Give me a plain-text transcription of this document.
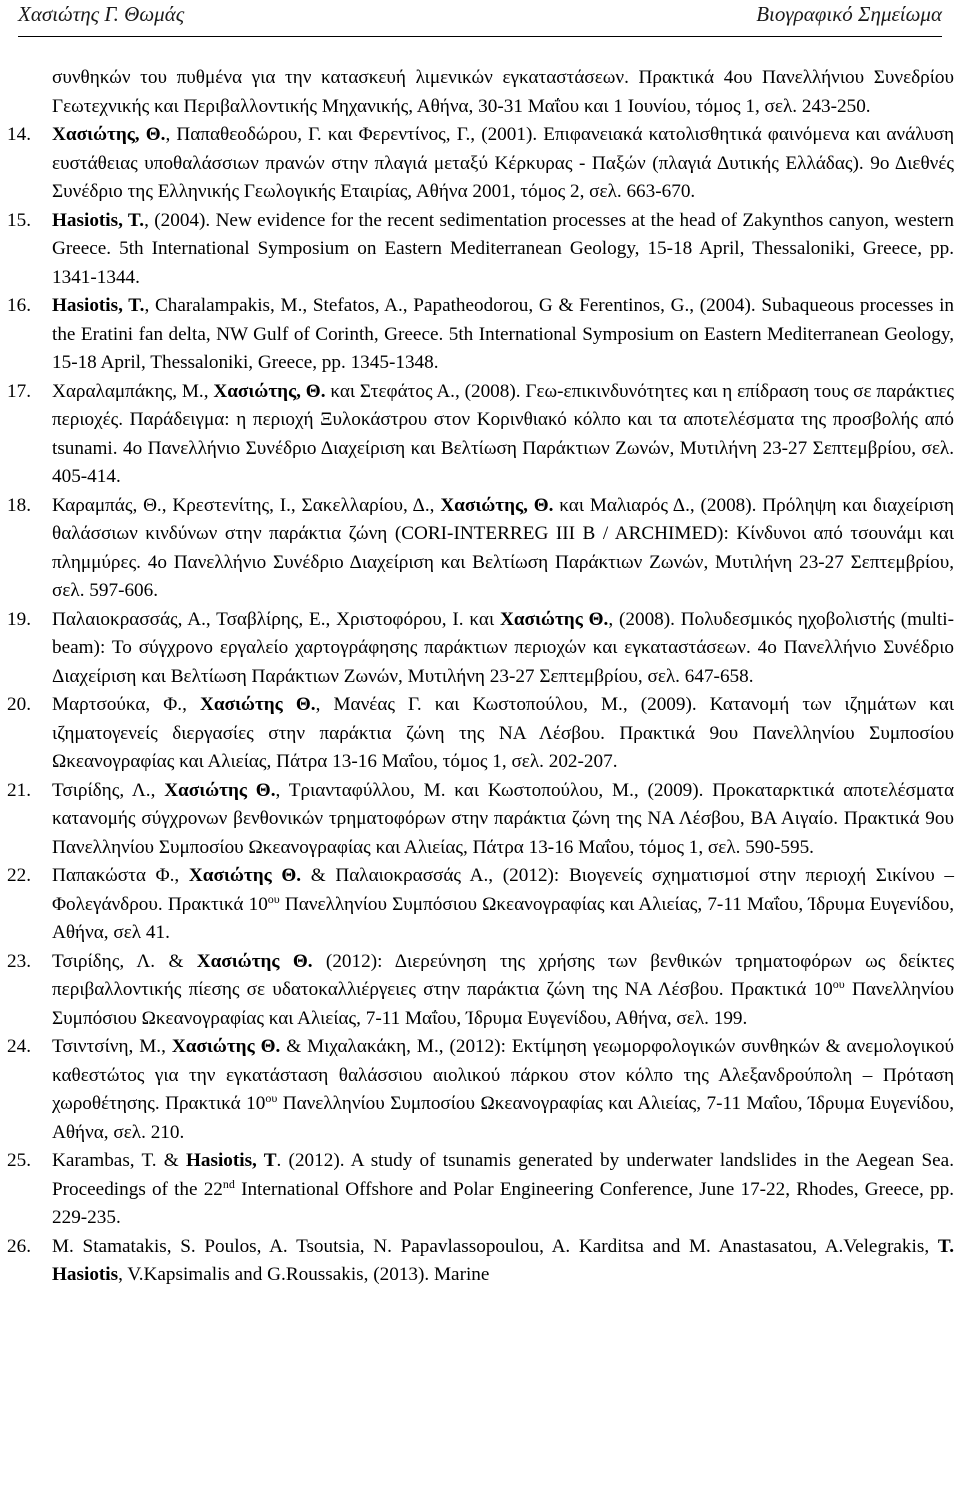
Χασιώτης Γ. Θωμάς	Βιογραφικό Σημείωμα
συνθηκών του πυθμένα για την κατασκευή λιμενικών εγκαταστάσεων. Πρακτικά 4ου Πανελλήνιου Συνεδρίου Γεωτεχνικής και Περιβαλλοντικής Μηχανικής, Αθήνα, 30-31 Μαΐου και 1 Ιουνίου, τόμος 1, σελ. 243-250.
14. Χασιώτης, Θ., Παπαθεοδώρου, Γ. και Φερεντίνος, Γ., (2001). Επιφανειακά κατολισθητικά φαινόμενα και ανάλυση ευστάθειας υποθαλάσσιων πρανών στην πλαγιά μεταξύ Κέρκυρας - Παξών (πλαγιά Δυτικής Ελλάδας). 9ο Διεθνές Συνέδριο της Ελληνικής Γεωλογικής Εταιρίας, Αθήνα 2001, τόμος 2, σελ. 663-670.
15. Hasiotis, T., (2004). New evidence for the recent sedimentation processes at the head of Zakynthos canyon, western Greece. 5th International Symposium on Eastern Mediterranean Geology, 15-18 April, Thessaloniki, Greece, pp. 1341-1344.
16. Hasiotis, T., Charalampakis, M., Stefatos, A., Papatheodorou, G & Ferentinos, G., (2004). Subaqueous processes in the Eratini fan delta, NW Gulf of Corinth, Greece. 5th International Symposium on Eastern Mediterranean Geology, 15-18 April, Thessaloniki, Greece, pp. 1345-1348.
17. Χαραλαμπάκης, Μ., Χασιώτης, Θ. και Στεφάτος Α., (2008). Γεω-επικινδυνότητες και η επίδραση τους σε παράκτιες περιοχές. Παράδειγμα: η περιοχή Ξυλοκάστρου στον Κορινθιακό κόλπο και τα αποτελέσματα της προσβολής από tsunami. 4ο Πανελλήνιο Συνέδριο Διαχείριση και Βελτίωση Παράκτιων Ζωνών, Μυτιλήνη 23-27 Σεπτεμβρίου, σελ. 405-414.
18. Καραμπάς, Θ., Κρεστενίτης, Ι., Σακελλαρίου, Δ., Χασιώτης, Θ. και Μαλιαρός Δ., (2008). Πρόληψη και διαχείριση θαλάσσιων κινδύνων στην παράκτια ζώνη (CORI-INTERREG III B / ARCHIMED): Κίνδυνοι από τσουνάμι και πλημμύρες. 4ο Πανελλήνιο Συνέδριο Διαχείριση και Βελτίωση Παράκτιων Ζωνών, Μυτιλήνη 23-27 Σεπτεμβρίου, σελ. 597-606.
19. Παλαιοκρασσάς, Α., Τσαβλίρης, Ε., Χριστοφόρου, Ι. και Χασιώτης Θ., (2008). Πολυδεσμικός ηχοβολιστής (multi-beam): Το σύγχρονο εργαλείο χαρτογράφησης παράκτιων περιοχών και εγκαταστάσεων. 4ο Πανελλήνιο Συνέδριο Διαχείριση και Βελτίωση Παράκτιων Ζωνών, Μυτιλήνη 23-27 Σεπτεμβρίου, σελ. 647-658.
20. Μαρτσούκα, Φ., Χασιώτης Θ., Μανέας Γ. και Κωστοπούλου, Μ., (2009). Κατανομή των ιζημάτων και ιζηματογενείς διεργασίες στην παράκτια ζώνη της ΝΑ Λέσβου. Πρακτικά 9ου Πανελληνίου Συμποσίου Ωκεανογραφίας και Αλιείας, Πάτρα 13-16 Μαΐου, τόμος 1, σελ. 202-207.
21. Τσιρίδης, Λ., Χασιώτης Θ., Τριανταφύλλου, Μ. και Κωστοπούλου, Μ., (2009). Προκαταρκτικά αποτελέσματα κατανομής σύγχρονων βενθονικών τρηματοφόρων στην παράκτια ζώνη της ΝΑ Λέσβου, ΒΑ Αιγαίο. Πρακτικά 9ου Πανελληνίου Συμποσίου Ωκεανογραφίας και Αλιείας, Πάτρα 13-16 Μαΐου, τόμος 1, σελ. 590-595.
22. Παπακώστα Φ., Χασιώτης Θ. & Παλαιοκρασσάς Α., (2012): Βιογενείς σχηματισμοί στην περιοχή Σικίνου – Φολεγάνδρου. Πρακτικά $10^{o\upsilon}$ Πανελληνίου Συμπόσιου Ωκεανογραφίας και Αλιείας, 7-11 Μαΐου, Ίδρυμα Ευγενίδου, Αθήνα, σελ 41.
23. Τσιρίδης, Λ. & Χασιώτης Θ. (2012): Διερεύνηση της χρήσης των βενθικών τρηματοφόρων ως δείκτες περιβαλλοντικής πίεσης σε υδατοκαλλιέργειες στην παράκτια ζώνη της ΝΑ Λέσβου. Πρακτικά $10^{o\upsilon}$ Πανελληνίου Συμπόσιου Ωκεανογραφίας και Αλιείας, 7-11 Μαΐου, Ίδρυμα Ευγενίδου, Αθήνα, σελ. 199.
24. Τσιντσίνη, Μ., Χασιώτης Θ. & Μιχαλακάκη, Μ., (2012): Εκτίμηση γεωμορφολογικών συνθηκών & ανεμολογικού καθεστώτος για την εγκατάσταση θαλάσσιου αιολικού πάρκου στον κόλπο της Αλεξανδρούπολη – Πρόταση χωροθέτησης. Πρακτικά $10^{o\upsilon}$ Πανελληνίου Συμποσίου Ωκεανογραφίας και Αλιείας, 7-11 Μαΐου, Ίδρυμα Ευγενίδου, Αθήνα, σελ. 210.
25. Karambas, T. & Hasiotis, T. (2012). A study of tsunamis generated by underwater landslides in the Aegean Sea. Proceedings of the 22nd International Offshore and Polar Engineering Conference, June 17-22, Rhodes, Greece, pp. 229-235.
26. M. Stamatakis, S. Poulos, A. Tsoutsia, N. Papavlassopoulou, A. Karditsa and M. Anastasatou, A.Velegrakis, T. Hasiotis, V.Kapsimalis and G.Roussakis, (2013). Marine
